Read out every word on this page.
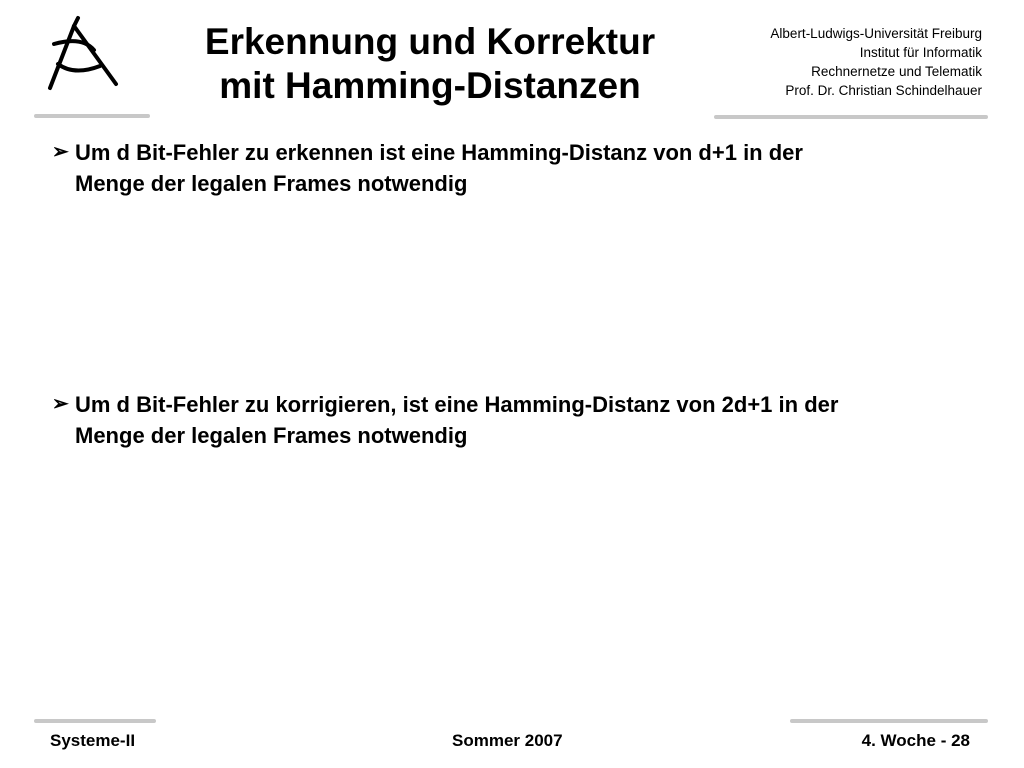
Erkennung und Korrektur
mit Hamming-Distanzen
Albert-Ludwigs-Universität Freiburg
Institut für Informatik
Rechnernetze und Telematik
Prof. Dr. Christian Schindelhauer
➢ Um d Bit-Fehler zu erkennen ist eine Hamming-Distanz von d+1 in der
Menge der legalen Frames notwendig
➢ Um d Bit-Fehler zu korrigieren, ist eine Hamming-Distanz von 2d+1 in der
Menge der legalen Frames notwendig
Systeme-II	Sommer 2007	4. Woche - 28
